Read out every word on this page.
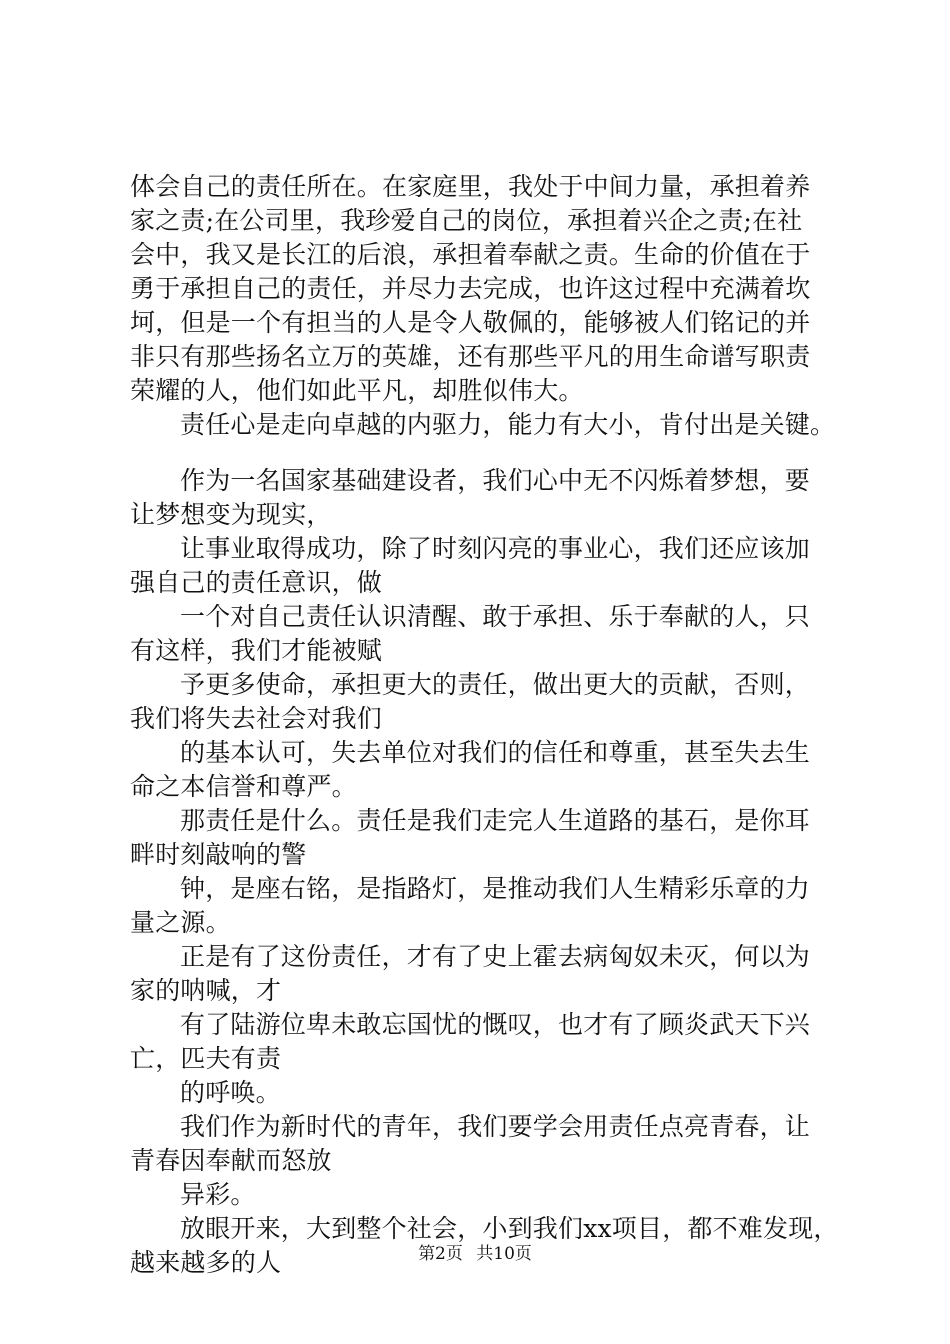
体会自己的责任所在。在家庭里，我处于中间力量，承担着养
家之责;在公司里，我珍爱自己的岗位，承担着兴企之责;在社
会中，我又是长江的后浪，承担着奉献之责。生命的价值在于
勇于承担自己的责任，并尽力去完成，也许这过程中充满着坎
坷，但是一个有担当的人是令人敬佩的，能够被人们铭记的并
非只有那些扬名立万的英雄，还有那些平凡的用生命谱写职责
荣耀的人，他们如此平凡，却胜似伟大。
责任心是走向卓越的内驱力，能力有大小，肯付出是关键。
作为一名国家基础建设者，我们心中无不闪烁着梦想，要
让梦想变为现实，
让事业取得成功，除了时刻闪亮的事业心，我们还应该加
强自己的责任意识，做
一个对自己责任认识清醒、敢于承担、乐于奉献的人，只
有这样，我们才能被赋
予更多使命，承担更大的责任，做出更大的贡献，否则，
我们将失去社会对我们
的基本认可，失去单位对我们的信任和尊重，甚至失去生
命之本信誉和尊严。
那责任是什么。责任是我们走完人生道路的基石，是你耳
畔时刻敲响的警
钟，是座右铭，是指路灯，是推动我们人生精彩乐章的力
量之源。
正是有了这份责任，才有了史上霍去病匈奴未灭，何以为
家的呐喊，才
有了陆游位卑未敢忘国忧的慨叹，也才有了顾炎武天下兴
亡，匹夫有责
的呼唤。
我们作为新时代的青年，我们要学会用责任点亮青春，让
青春因奉献而怒放
异彩。
放眼开来，大到整个社会，小到我们xx项目，都不难发现，
越来越多的人	第2页 共10页
